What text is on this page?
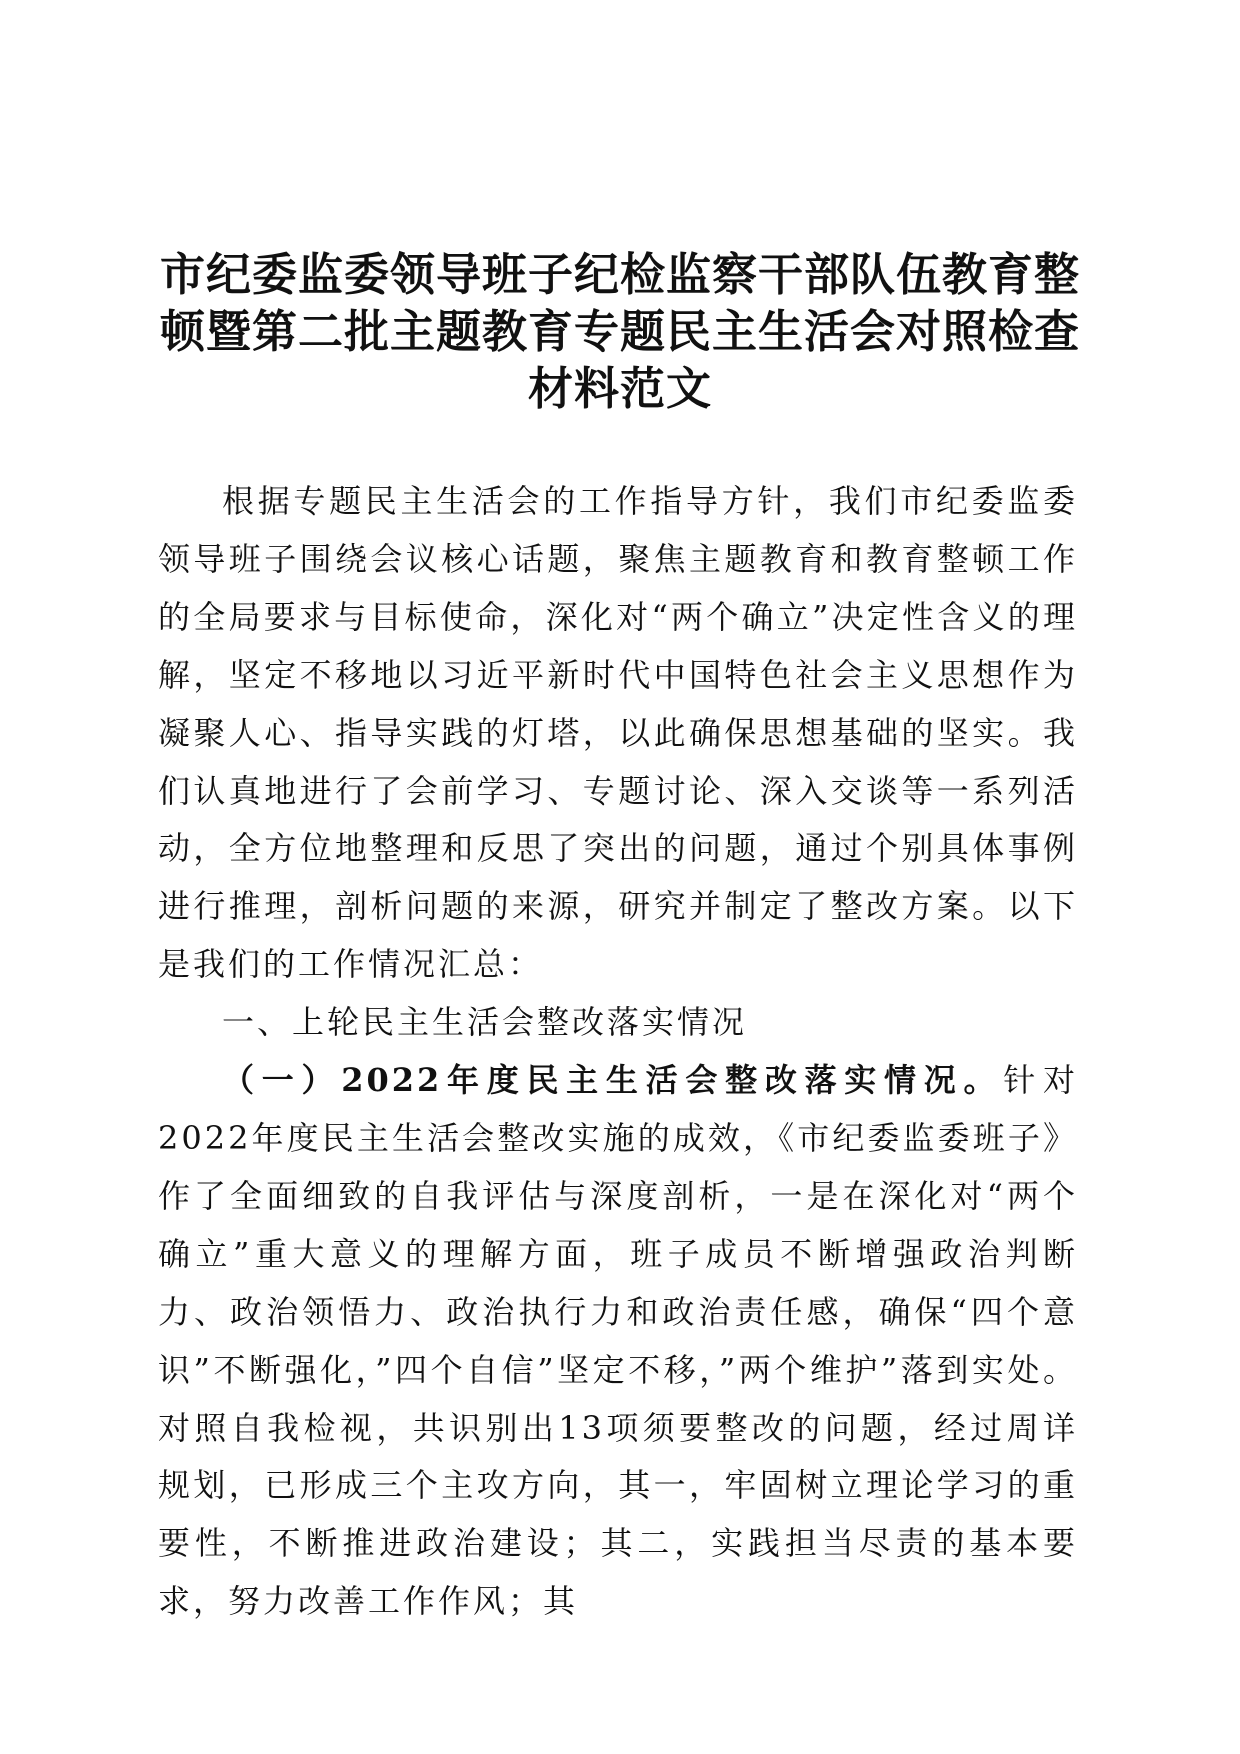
市纪委监委领导班子纪检监察干部队伍教育整
顿暨第二批主题教育专题民主生活会对照检查
材料范文

根据专题民主生活会的工作指导方针，我们市纪委监委领导班子围绕会议核心话题，聚焦主题教育和教育整顿工作的全局要求与目标使命，深化对“两个确立”决定性含义的理解，坚定不移地以习近平新时代中国特色社会主义思想作为凝聚人心、指导实践的灯塔，以此确保思想基础的坚实。我们认真地进行了会前学习、专题讨论、深入交谈等一系列活动，全方位地整理和反思了突出的问题，通过个别具体事例进行推理，剖析问题的来源，研究并制定了整改方案。以下是我们的工作情况汇总：

一、上轮民主生活会整改落实情况

（一）2022年度民主生活会整改落实情况。针对2022年度民主生活会整改实施的成效，《市纪委监委班子》作了全面细致的自我评估与深度剖析，一是在深化对“两个确立”重大意义的理解方面，班子成员不断增强政治判断力、政治领悟力、政治执行力和政治责任感，确保“四个意识”不断强化，”四个自信”坚定不移，”两个维护”落到实处。对照自我检视，共识别出13项须要整改的问题，经过周详规划，已形成三个主攻方向，其一，牢固树立理论学习的重要性，不断推进政治建设；其二，实践担当尽责的基本要求，努力改善工作作风；其
